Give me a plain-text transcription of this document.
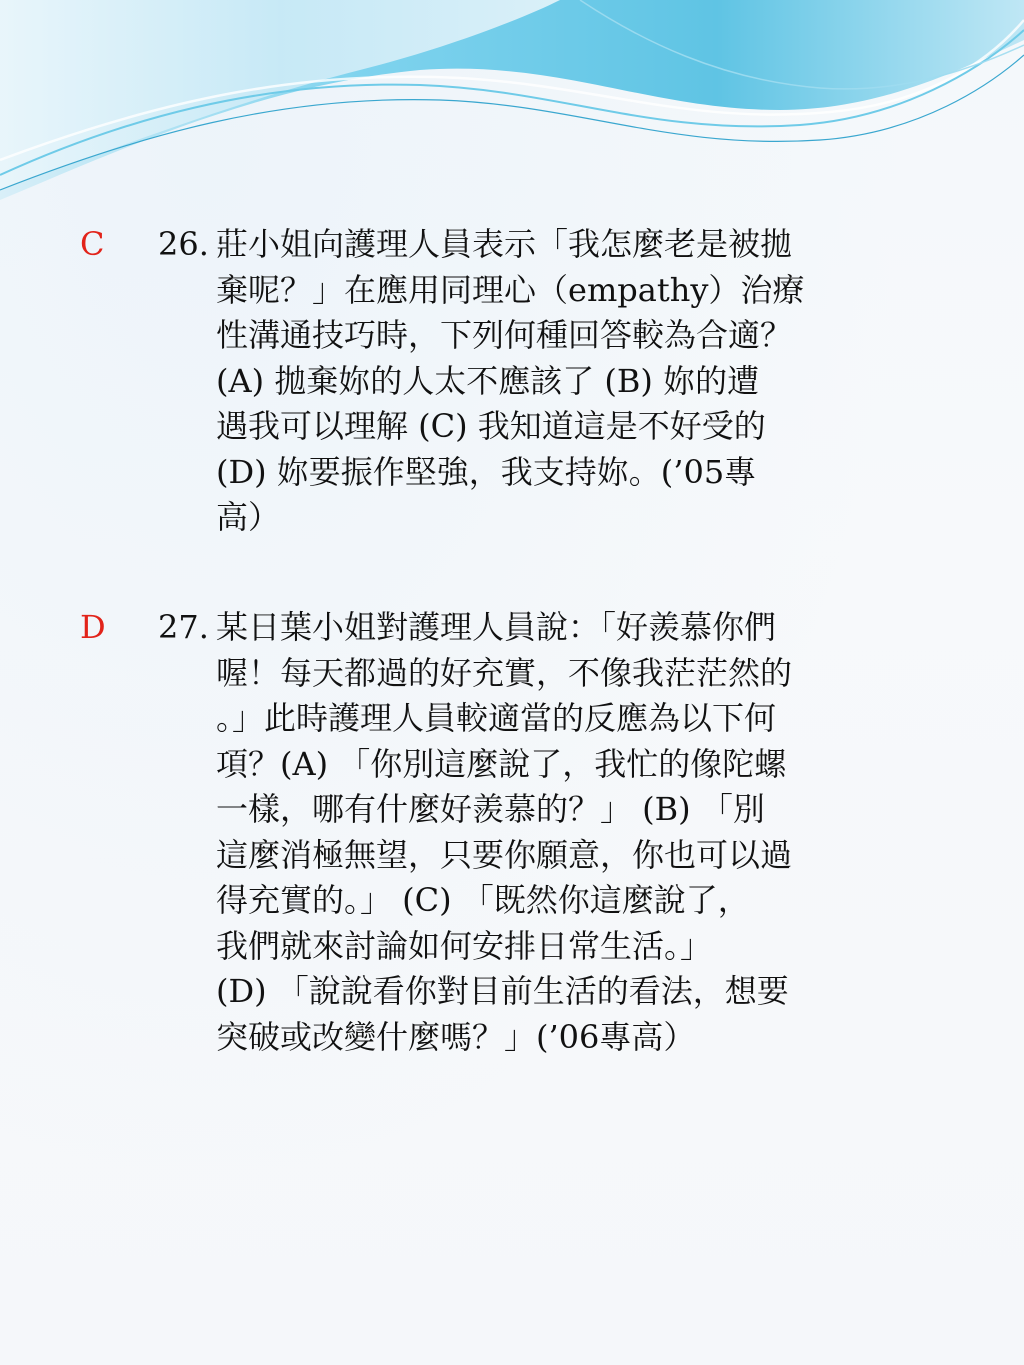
C 26. 莊小姐向護理人員表示「我怎麼老是被拋
棄呢？」在應用同理心（empathy）治療
性溝通技巧時，下列何種回答較為合適？
(A) 拋棄妳的人太不應該了 (B) 妳的遭
遇我可以理解 (C) 我知道這是不好受的
(D) 妳要振作堅強，我支持妳。(’05專
高）
D 27. 某日葉小姐對護理人員說：「好羨慕你們
喔！每天都過的好充實，不像我茫茫然的
。」此時護理人員較適當的反應為以下何
項？(A) 「你別這麼說了，我忙的像陀螺
一樣，哪有什麼好羨慕的？」 (B) 「別
這麼消極無望，只要你願意，你也可以過
得充實的。」 (C) 「既然你這麼說了，
我們就來討論如何安排日常生活。」
(D) 「說說看你對目前生活的看法，想要
突破或改變什麼嗎？」(’06專高）
